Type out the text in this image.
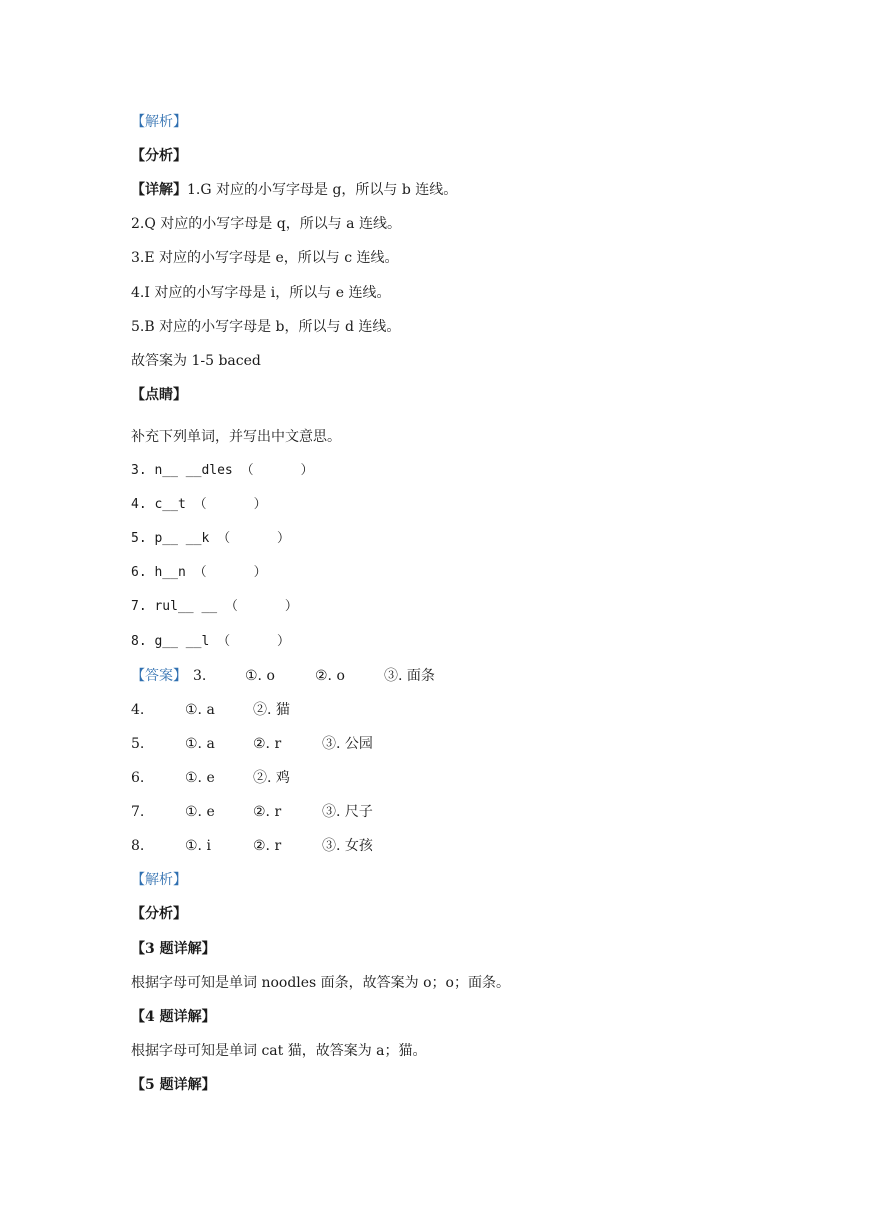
【解析】
【分析】
【详解】1.G 对应的小写字母是 g，所以与 b 连线。
2.Q 对应的小写字母是 q，所以与 a 连线。
3.E 对应的小写字母是 e，所以与 c 连线。
4.I 对应的小写字母是 i，所以与 e 连线。
5.B 对应的小写字母是 b，所以与 d 连线。
故答案为 1-5 baced
【点睛】
补充下列单词，并写出中文意思。
3. n__ __dles （      ）
4. c__t （      ）
5. p__ __k （      ）
6. h__n （      ）
7. rul__ __ （      ）
8. g__ __l （      ）

【答案】

3.

	①. o

	②. o

	③. 面条

4.

	①. a

	②. 猫

5.

	①. a

	②. r

	③. 公园

6.

	①. e

	②. 鸡

7.

	①. e

	②. r

	③. 尺子

8.

	①. i

	②. r

	③. 女孩

【解析】
【分析】
【3 题详解】
根据字母可知是单词 noodles 面条，故答案为 o；o；面条。
【4 题详解】
根据字母可知是单词 cat 猫，故答案为 a；猫。
【5 题详解】
